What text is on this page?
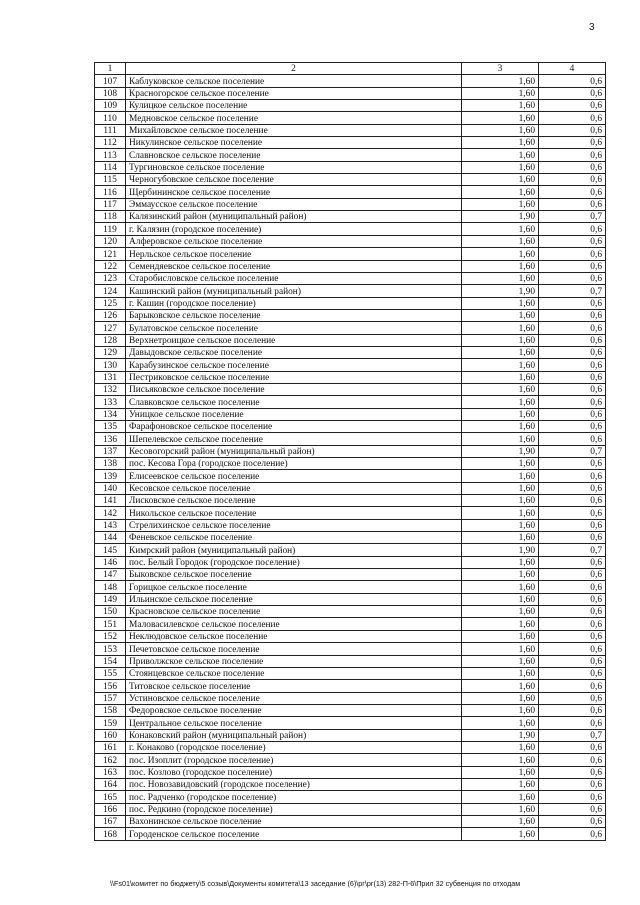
3
1	2	3	4
107	Каблуковское сельское поселение	1,60	0,6
108	Красногорское сельское поселение	1,60	0,6
109	Кулицкое сельское поселение	1,60	0,6
110	Медновское сельское поселение	1,60	0,6
111	Михайловское сельское поселение	1,60	0,6
112	Никулинское сельское поселение	1,60	0,6
113	Славновское сельское поселение	1,60	0,6
114	Тургиновское сельское поселение	1,60	0,6
115	Черногубовское сельское поселение	1,60	0,6
116	Щербининское сельское поселение	1,60	0,6
117	Эммаусское сельское поселение	1,60	0,6
118	Калязинский район (муниципальный район)	1,90	0,7
119	г. Калязин (городское поселение)	1,60	0,6
120	Алферовское сельское поселение	1,60	0,6
121	Нерльское сельское поселение	1,60	0,6
122	Семендяевское сельское поселение	1,60	0,6
123	Старобисловское сельское поселение	1,60	0,6
124	Кашинский район (муниципальный район)	1,90	0,7
125	г. Кашин (городское поселение)	1,60	0,6
126	Барыковское сельское поселение	1,60	0,6
127	Булатовское сельское поселение	1,60	0,6
128	Верхнетроицкое сельское поселение	1,60	0,6
129	Давыдовское сельское поселение	1,60	0,6
130	Карабузинское сельское поселение	1,60	0,6
131	Пестриковское сельское поселение	1,60	0,6
132	Письяковское сельское поселение	1,60	0,6
133	Славковское сельское поселение	1,60	0,6
134	Уницкое сельское поселение	1,60	0,6
135	Фарафоновское сельское поселение	1,60	0,6
136	Шепелевское сельское поселение	1,60	0,6
137	Кесовогорский район (муниципальный район)	1,90	0,7
138	пос. Кесова Гора (городское поселение)	1,60	0,6
139	Елисеевское сельское поселение	1,60	0,6
140	Кесовское сельское поселение	1,60	0,6
141	Лисковское сельское поселение	1,60	0,6
142	Никольское сельское поселение	1,60	0,6
143	Стрелихинское сельское поселение	1,60	0,6
144	Феневское сельское поселение	1,60	0,6
145	Кимрский район (муниципальный район)	1,90	0,7
146	пос. Белый Городок (городское поселение)	1,60	0,6
147	Быковское сельское поселение	1,60	0,6
148	Горицкое сельское поселение	1,60	0,6
149	Ильинское сельское поселение	1,60	0,6
150	Красновское сельское поселение	1,60	0,6
151	Маловасилевское сельское поселение	1,60	0,6
152	Неклюдовское сельское поселение	1,60	0,6
153	Печетовское сельское поселение	1,60	0,6
154	Приволжское сельское поселение	1,60	0,6
155	Стоянцевское сельское поселение	1,60	0,6
156	Титовское сельское поселение	1,60	0,6
157	Устиновское сельское поселение	1,60	0,6
158	Федоровское сельское поселение	1,60	0,6
159	Центральное сельское поселение	1,60	0,6
160	Конаковский район (муниципальный район)	1,90	0,7
161	г. Конаково (городское поселение)	1,60	0,6
162	пос. Изоплит (городское поселение)	1,60	0,6
163	пос. Козлово (городское поселение)	1,60	0,6
164	пос. Новозавидовский (городское поселение)	1,60	0,6
165	пос. Радченко (городское поселение)	1,60	0,6
166	пос. Редкино (городское поселение)	1,60	0,6
167	Вахонинское сельское поселение	1,60	0,6
168	Городенское сельское поселение	1,60	0,6
\\Fs01\комитет по бюджету\5 созыв\Документы комитета\13 заседание (6)\рг\рг(13) 282-П-6\Прил 32 субвенция по отходам
